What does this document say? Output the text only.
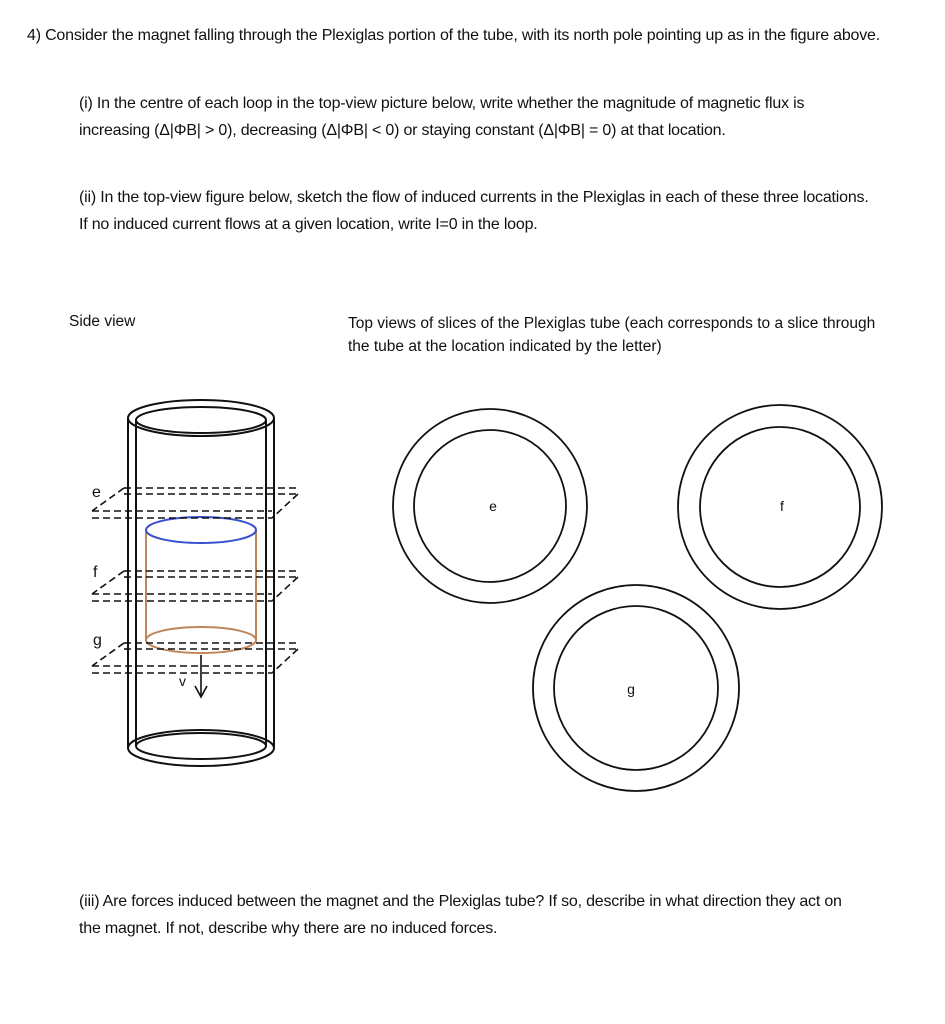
4) Consider the magnet falling through the Plexiglas portion of the tube, with its north pole pointing up as in the figure above.

(i) In the centre of each loop in the top-view picture below, write whether the magnitude of magnetic flux is increasing (Δ|ΦB| > 0), decreasing (Δ|ΦB| < 0) or staying constant (Δ|ΦB| = 0) at that location.

(ii) In the top-view figure below, sketch the flow of induced currents in the Plexiglas in each of these three locations. If no induced current flows at a given location, write I=0 in the loop.

Side view	Top views of slices of the Plexiglas tube (each corresponds to a slice through the tube at the location indicated by the letter)

v
e
f
g
e	f
g

(iii) Are forces induced between the magnet and the Plexiglas tube? If so, describe in what direction they act on the magnet. If not, describe why there are no induced forces.
